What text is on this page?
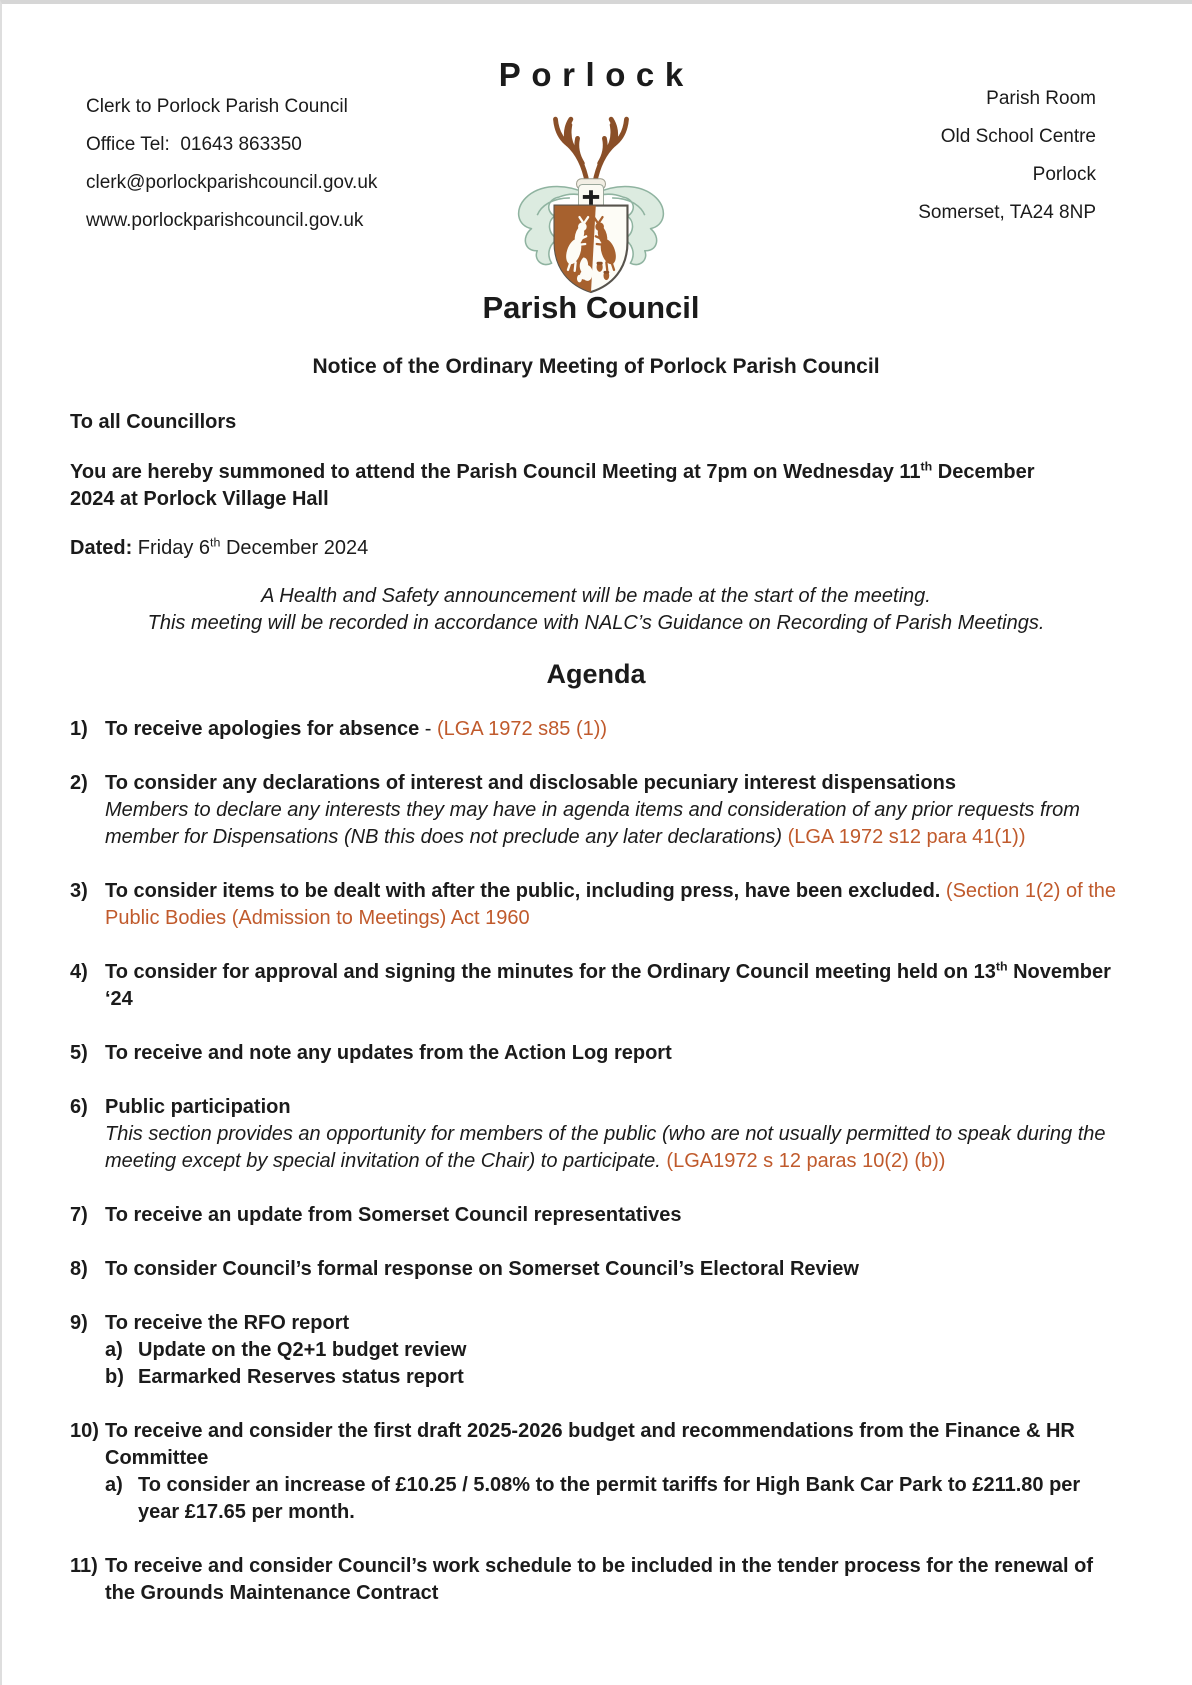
Clerk to Porlock Parish Council
Office Tel:  01643 863350
clerk@porlockparishcouncil.gov.uk
www.porlockparishcouncil.gov.uk
Porlock
Parish Council
Parish Room
Old School Centre
Porlock
Somerset, TA24 8NP
Notice of the Ordinary Meeting of Porlock Parish Council
To all Councillors
You are hereby summoned to attend the Parish Council Meeting at 7pm on Wednesday 11th December 2024 at Porlock Village Hall
Dated: Friday 6th December 2024
A Health and Safety announcement will be made at the start of the meeting.
This meeting will be recorded in accordance with NALC’s Guidance on Recording of Parish Meetings.
Agenda
1) To receive apologies for absence - (LGA 1972 s85 (1))
2) To consider any declarations of interest and disclosable pecuniary interest dispensations
Members to declare any interests they may have in agenda items and consideration of any prior requests from member for Dispensations (NB this does not preclude any later declarations) (LGA 1972 s12 para 41(1))
3) To consider items to be dealt with after the public, including press, have been excluded. (Section 1(2) of the Public Bodies (Admission to Meetings) Act 1960
4) To consider for approval and signing the minutes for the Ordinary Council meeting held on 13th November ‘24
5) To receive and note any updates from the Action Log report
6) Public participation
This section provides an opportunity for members of the public (who are not usually permitted to speak during the meeting except by special invitation of the Chair) to participate. (LGA1972 s 12 paras 10(2) (b))
7) To receive an update from Somerset Council representatives
8) To consider Council’s formal response on Somerset Council’s Electoral Review
9) To receive the RFO report
a) Update on the Q2+1 budget review
b) Earmarked Reserves status report
10) To receive and consider the first draft 2025-2026 budget and recommendations from the Finance & HR Committee
a) To consider an increase of £10.25 / 5.08% to the permit tariffs for High Bank Car Park to £211.80 per year £17.65 per month.
11) To receive and consider Council’s work schedule to be included in the tender process for the renewal of the Grounds Maintenance Contract
